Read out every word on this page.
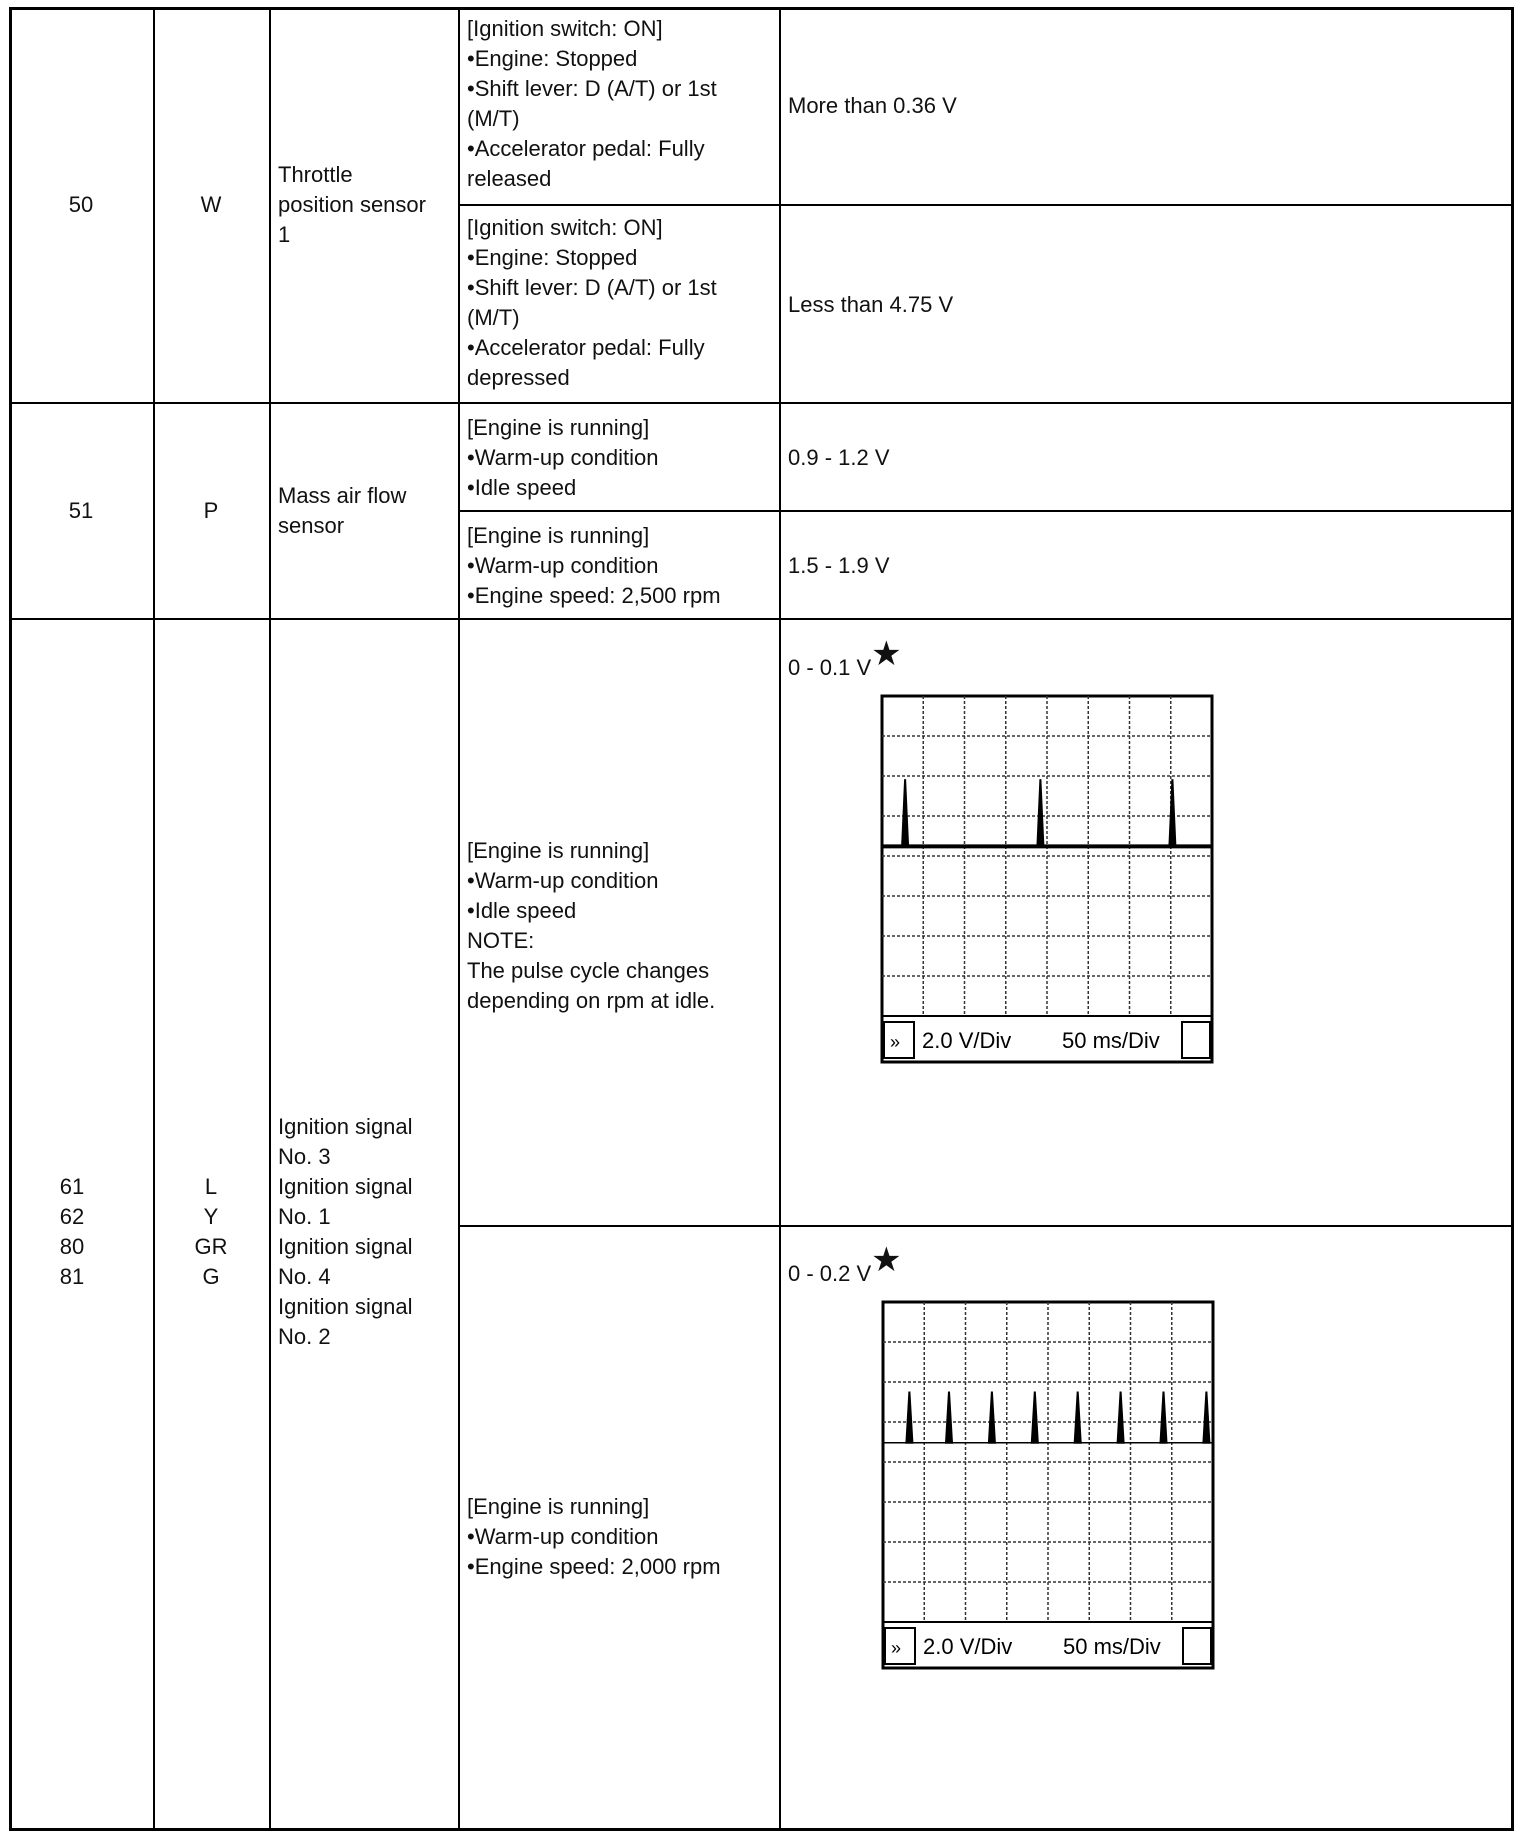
50	W
Throttle
position sensor
1
[Ignition switch: ON]
•Engine: Stopped
•Shift lever: D (A/T) or 1st
(M/T)
•Accelerator pedal: Fully
released
More than 0.36 V
[Ignition switch: ON]
•Engine: Stopped
•Shift lever: D (A/T) or 1st
(M/T)
•Accelerator pedal: Fully
depressed
Less than 4.75 V
51	P
Mass air flow
sensor
[Engine is running]
•Warm-up condition
•Idle speed
0.9 - 1.2 V
[Engine is running]
•Warm-up condition
•Engine speed: 2,500 rpm
1.5 - 1.9 V
61
62
80
81
L
Y
GR
G
Ignition signal
No. 3
Ignition signal
No. 1
Ignition signal
No. 4
Ignition signal
No. 2
[Engine is running]
•Warm-up condition
•Idle speed
NOTE:
The pulse cycle changes
depending on rpm at idle.
0 - 0.1 V★
» 2.0 V/Div 50 ms/Div
[Engine is running]
•Warm-up condition
•Engine speed: 2,000 rpm
0 - 0.2 V★
» 2.0 V/Div 50 ms/Div
